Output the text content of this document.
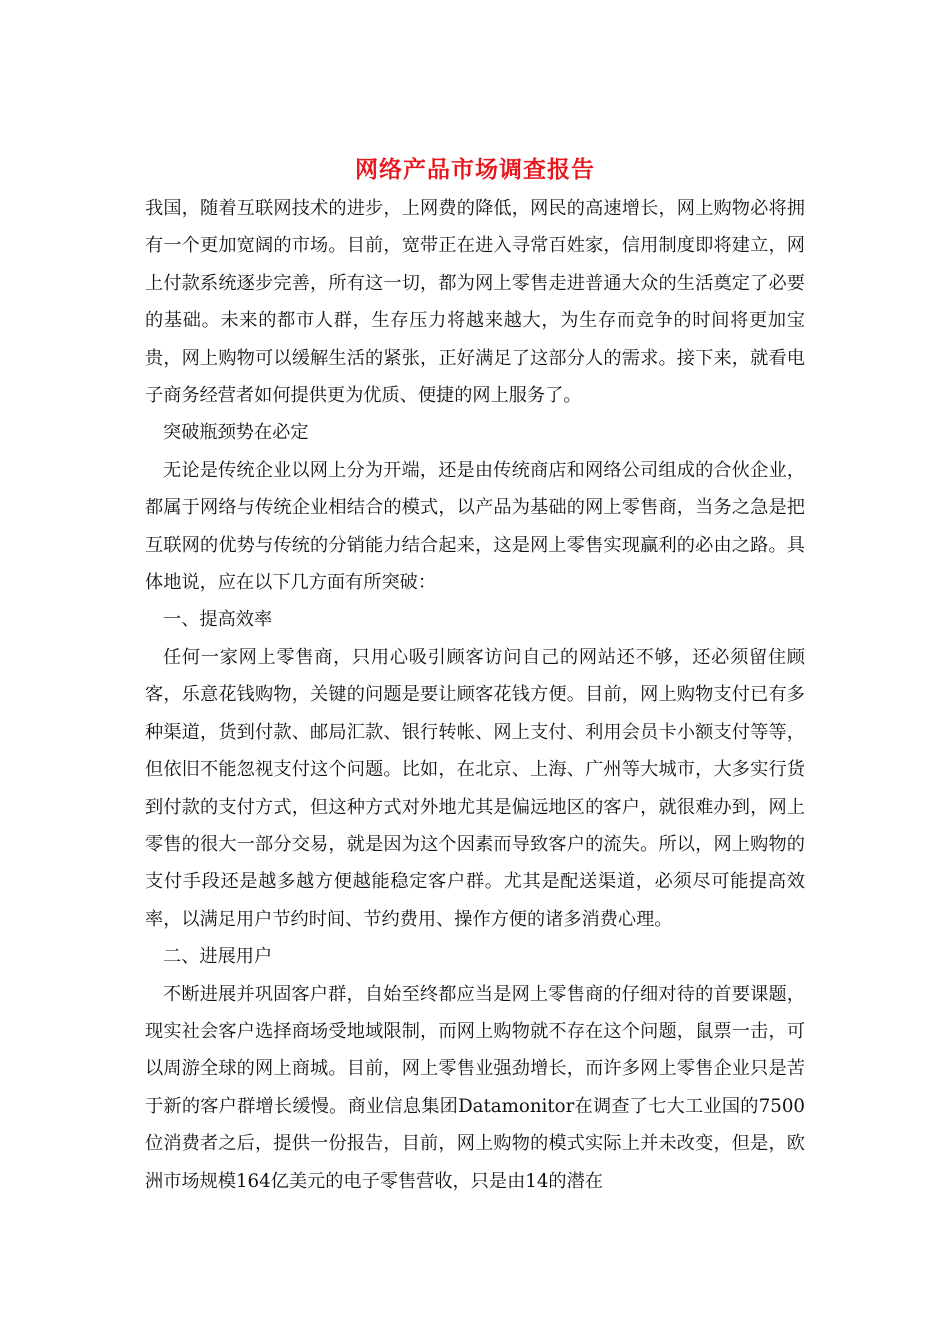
网络产品市场调查报告

我国，随着互联网技术的进步，上网费的降低，网民的高速增长，网上购物必将拥有一个更加宽阔的市场。目前，宽带正在进入寻常百姓家，信用制度即将建立，网上付款系统逐步完善，所有这一切，都为网上零售走进普通大众的生活奠定了必要的基础。未来的都市人群，生存压力将越来越大，为生存而竞争的时间将更加宝贵，网上购物可以缓解生活的紧张，正好满足了这部分人的需求。接下来，就看电子商务经营者如何提供更为优质、便捷的网上服务了。

突破瓶颈势在必定

无论是传统企业以网上分为开端，还是由传统商店和网络公司组成的合伙企业，都属于网络与传统企业相结合的模式，以产品为基础的网上零售商，当务之急是把互联网的优势与传统的分销能力结合起来，这是网上零售实现赢利的必由之路。具体地说，应在以下几方面有所突破：

一、提高效率

任何一家网上零售商，只用心吸引顾客访问自己的网站还不够，还必须留住顾客，乐意花钱购物，关键的问题是要让顾客花钱方便。目前，网上购物支付已有多种渠道，货到付款、邮局汇款、银行转帐、网上支付、利用会员卡小额支付等等，但依旧不能忽视支付这个问题。比如，在北京、上海、广州等大城市，大多实行货到付款的支付方式，但这种方式对外地尤其是偏远地区的客户，就很难办到，网上零售的很大一部分交易，就是因为这个因素而导致客户的流失。所以，网上购物的支付手段还是越多越方便越能稳定客户群。尤其是配送渠道，必须尽可能提高效率，以满足用户节约时间、节约费用、操作方便的诸多消费心理。

二、进展用户

不断进展并巩固客户群，自始至终都应当是网上零售商的仔细对待的首要课题，现实社会客户选择商场受地域限制，而网上购物就不存在这个问题，鼠票一击，可以周游全球的网上商城。目前，网上零售业强劲增长，而许多网上零售企业只是苦于新的客户群增长缓慢。商业信息集团Datamonitor在调查了七大工业国的7500位消费者之后，提供一份报告，目前，网上购物的模式实际上并未改变，但是，欧洲市场规模164亿美元的电子零售营收，只是由14的潜在
